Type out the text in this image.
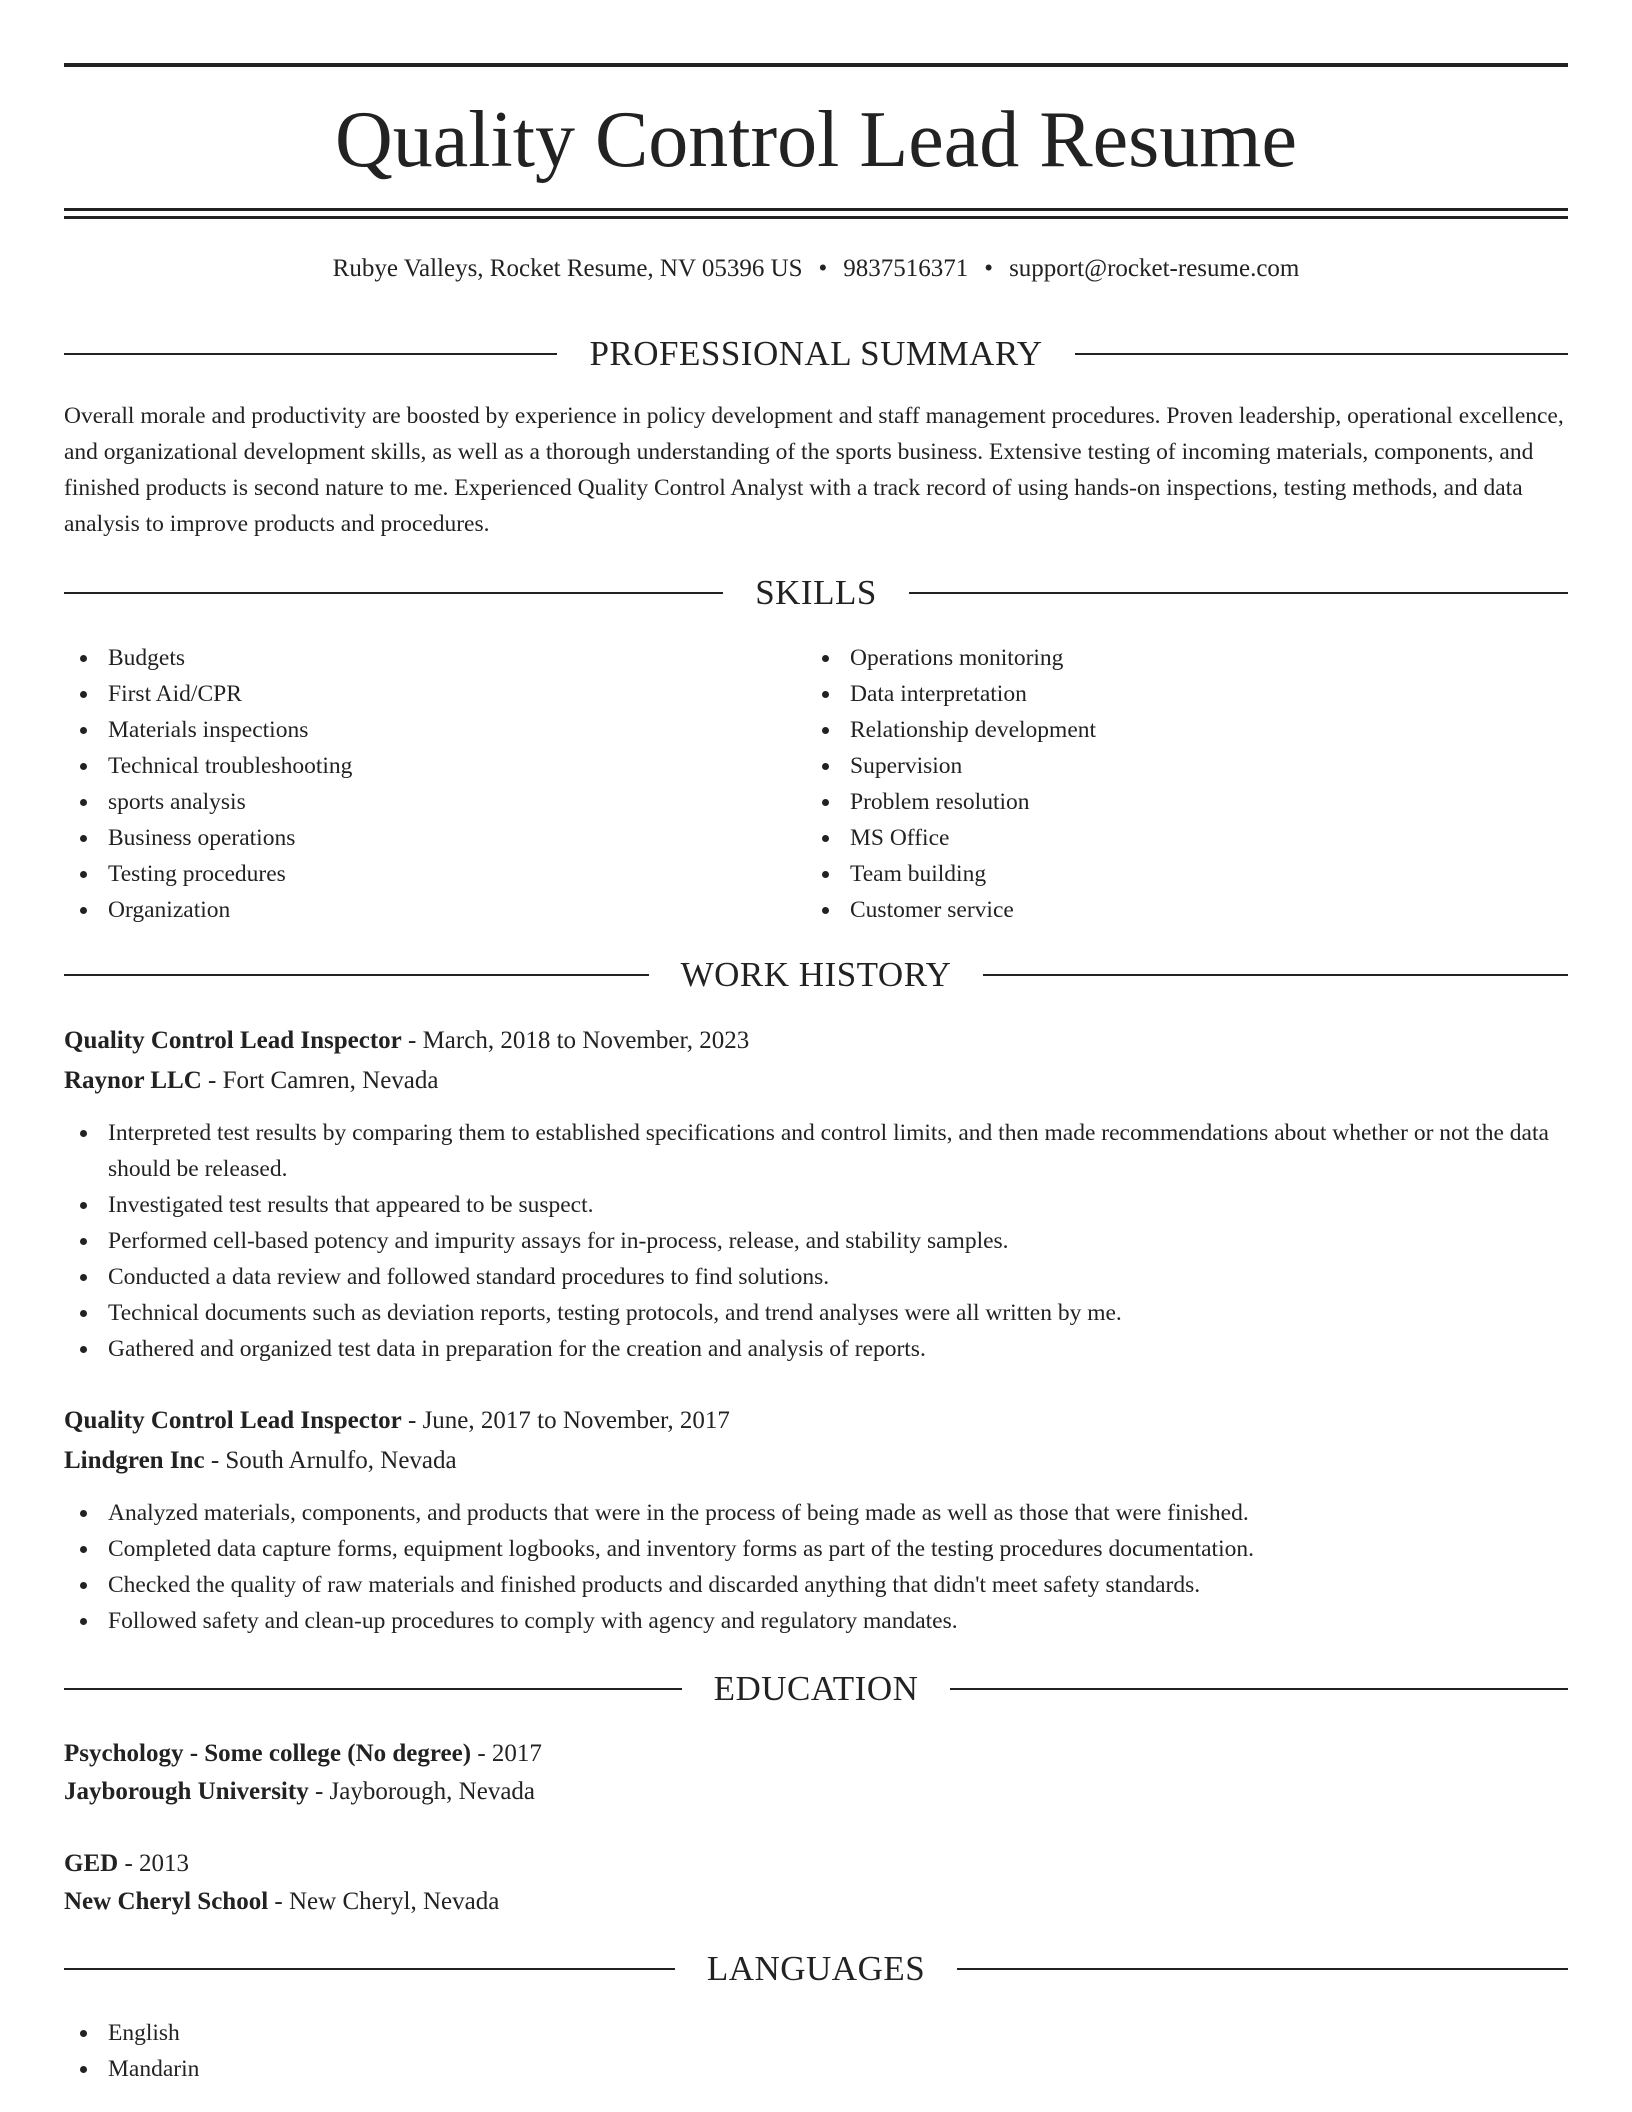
Quality Control Lead Resume
Rubye Valleys, Rocket Resume, NV 05396 US • 9837516371 • support@rocket-resume.com
PROFESSIONAL SUMMARY

Overall morale and productivity are boosted by experience in policy development and staff management procedures. Proven leadership, operational excellence, and organizational development skills, as well as a thorough understanding of the sports business. Extensive testing of incoming materials, components, and finished products is second nature to me. Experienced Quality Control Analyst with a track record of using hands-on inspections, testing methods, and data analysis to improve products and procedures.

SKILLS
Budgets
First Aid/CPR
Materials inspections
Technical troubleshooting
sports analysis
Business operations
Testing procedures
Organization
Operations monitoring
Data interpretation
Relationship development
Supervision
Problem resolution
MS Office
Team building
Customer service
WORK HISTORY
Quality Control Lead Inspector - March, 2018 to November, 2023
Raynor LLC - Fort Camren, Nevada
Interpreted test results by comparing them to established specifications and control limits, and then made recommendations about whether or not the data should be released.
Investigated test results that appeared to be suspect.
Performed cell-based potency and impurity assays for in-process, release, and stability samples.
Conducted a data review and followed standard procedures to find solutions.
Technical documents such as deviation reports, testing protocols, and trend analyses were all written by me.
Gathered and organized test data in preparation for the creation and analysis of reports.
Quality Control Lead Inspector - June, 2017 to November, 2017
Lindgren Inc - South Arnulfo, Nevada
Analyzed materials, components, and products that were in the process of being made as well as those that were finished.
Completed data capture forms, equipment logbooks, and inventory forms as part of the testing procedures documentation.
Checked the quality of raw materials and finished products and discarded anything that didn't meet safety standards.
Followed safety and clean-up procedures to comply with agency and regulatory mandates.
EDUCATION
Psychology - Some college (No degree) - 2017
Jayborough University - Jayborough, Nevada
GED - 2013
New Cheryl School - New Cheryl, Nevada
LANGUAGES
English
Mandarin
